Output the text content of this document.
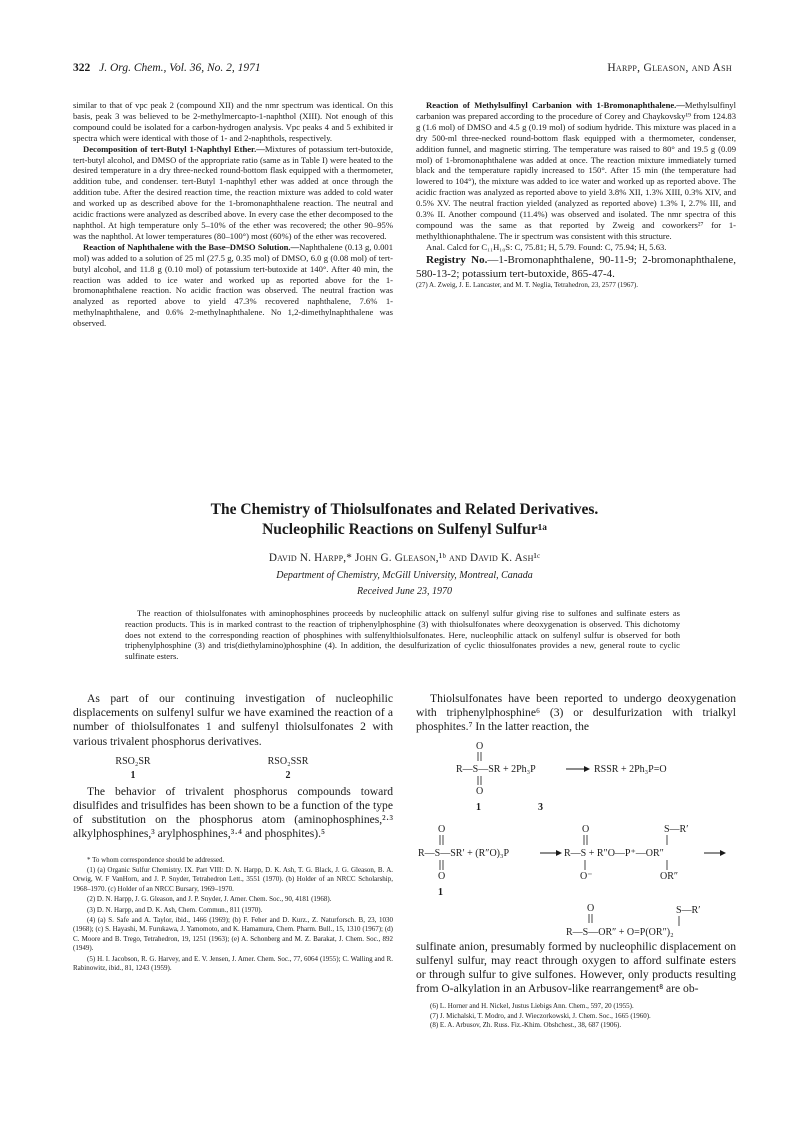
322 J. Org. Chem., Vol. 36, No. 2, 1971	Harpp, Gleason, and Ash

similar to that of vpc peak 2 (compound XII) and the nmr spectrum was identical. On this basis, peak 3 was believed to be 2-methylmercapto-1-naphthol (XIII). Not enough of this compound could be isolated for a carbon-hydrogen analysis. Vpc peaks 4 and 5 exhibited ir spectra which were identical with those of 1- and 2-naphthols, respectively.

Decomposition of tert-Butyl 1-Naphthyl Ether.—Mixtures of potassium tert-butoxide, tert-butyl alcohol, and DMSO of the appropriate ratio (same as in Table I) were heated to the desired temperature in a dry three-necked round-bottom flask equipped with a thermometer, addition tube, and condenser. tert-Butyl 1-naphthyl ether was added at once through the addition tube. After the desired reaction time, the reaction mixture was added to cold water and worked up as described above for the 1-bromonaphthalene reaction. The neutral and acidic fractions were analyzed as described above. In every case the ether decomposed to the naphthol. At high temperature only 5–10% of the ether was recovered; the other 90–95% was the naphthol. At lower temperatures (80–100°) most (60%) of the ether was recovered.

Reaction of Naphthalene with the Base–DMSO Solution.—Naphthalene (0.13 g, 0.001 mol) was added to a solution of 25 ml (27.5 g, 0.35 mol) of DMSO, 6.0 g (0.08 mol) of tert-butyl alcohol, and 11.8 g (0.10 mol) of potassium tert-butoxide at 140°. After 40 min, the reaction was added to ice water and worked up as reported above for the 1-bromonaphthalene reaction. No acidic fraction was observed. The neutral fraction was analyzed as reported above to yield 47.3% recovered naphthalene, 7.6% 1-methylnaphthalene, and 0.6% 2-methylnaphthalene. No 1,2-dimethylnaphthalene was observed.

Reaction of Methylsulfinyl Carbanion with 1-Bromonaphthalene.—Methylsulfinyl carbanion was prepared according to the procedure of Corey and Chaykovsky¹⁹ from 124.83 g (1.6 mol) of DMSO and 4.5 g (0.19 mol) of sodium hydride. This mixture was placed in a dry 500-ml three-necked round-bottom flask equipped with a thermometer, condenser, addition funnel, and magnetic stirring. The temperature was raised to 80° and 19.5 g (0.09 mol) of 1-bromonaphthalene was added at once. The reaction mixture immediately turned black and the temperature rapidly increased to 150°. After 15 min (the temperature had lowered to 104°), the mixture was added to ice water and worked up as reported above. The acidic fraction was analyzed as reported above to yield 3.8% XII, 1.3% XIII, 0.3% XIV, and 0.5% XV. The neutral fraction yielded (analyzed as reported above) 1.3% I, 2.7% III, and 0.3% II. Another compound (11.4%) was observed and isolated. The nmr spectra of this compound was the same as that reported by Zweig and coworkers²⁷ for 1-methylthionaphthalene. The ir spectrum was consistent with this structure.

Anal. Calcd for C₁₁H₁₀S: C, 75.81; H, 5.79. Found: C, 75.94; H, 5.63.

Registry No.—1-Bromonaphthalene, 90-11-9; 2-bromonaphthalene, 580-13-2; potassium tert-butoxide, 865-47-4.

(27) A. Zweig, J. E. Lancaster, and M. T. Neglia, Tetrahedron, 23, 2577 (1967).

The Chemistry of Thiolsulfonates and Related Derivatives.

Nucleophilic Reactions on Sulfenyl Sulfur¹ᵃ

David N. Harpp,* John G. Gleason,¹ᵇ and David K. Ash¹ᶜ
Department of Chemistry, McGill University, Montreal, Canada
Received June 23, 1970
The reaction of thiolsulfonates with aminophosphines proceeds by nucleophilic attack on sulfenyl sulfur giving rise to sulfones and sulfinate esters as reaction products. This is in marked contrast to the reaction of triphenylphosphine (3) with thiolsulfonates where deoxygenation is observed. This dichotomy does not extend to the corresponding reaction of phosphines with sulfenylthiolsulfonates. Here, nucleophilic attack on sulfenyl sulfur is observed for both triphenylphosphine (3) and tris(diethylamino)phosphine (4). In addition, the desulfurization of cyclic thiosulfonates provides a new, general route to cyclic sulfinate esters.

As part of our continuing investigation of nucleophilic displacements on sulfenyl sulfur we have examined the reaction of a number of thiolsulfonates 1 and sulfenyl thiolsulfonates 2 with various trivalent phosphorus derivatives.

RSO₂SR
1
RSO₂SSR
2

The behavior of trivalent phosphorus compounds toward disulfides and trisulfides has been shown to be a function of the type of substitution on the phosphorus atom (aminophosphines,²·³ alkylphosphines,³ arylphosphines,³·⁴ and phosphites).⁵

* To whom correspondence should be addressed.

(1) (a) Organic Sulfur Chemistry. IX. Part VIII: D. N. Harpp, D. K. Ash, T. G. Black, J. G. Gleason, B. A. Orwig, W. F VanHorn, and J. P. Snyder, Tetrahedron Lett., 3551 (1970). (b) Holder of an NRCC Scholarship, 1968–1970. (c) Holder of an NRCC Bursary, 1969–1970.

(2) D. N. Harpp, J. G. Gleason, and J. P. Snyder, J. Amer. Chem. Soc., 90, 4181 (1968).

(3) D. N. Harpp, and D. K. Ash, Chem. Commun., 811 (1970).

(4) (a) S. Safe and A. Taylor, ibid., 1466 (1969); (b) F. Feher and D. Kurz., Z. Naturforsch. B, 23, 1030 (1968); (c) S. Hayashi, M. Furukawa, J. Yamomoto, and K. Hamamura, Chem. Pharm. Bull., 15, 1310 (1967); (d) C. Moore and B. Trego, Tetrahedron, 19, 1251 (1963); (e) A. Schonberg and M. Z. Barakat, J. Chem. Soc., 892 (1949).

(5) H. I. Jacobson, R. G. Harvey, and E. V. Jensen, J. Amer. Chem. Soc., 77, 6064 (1955); C. Walling and R. Rabinowitz, ibid., 81, 1243 (1959).

Thiolsulfonates have been reported to undergo deoxygenation with triphenylphosphine⁶ (3) or desulfurization with trialkyl phosphites.⁷ In the latter reaction, the

O
R—S—SR + 2Ph₃P	RSSR + 2Ph₃P=O
O
1	3
O	O	S—R′
R—S—SR′ + (R″O)₃P	R—S + R″O—P⁺—OR″
O	O⁻	OR″
1
O	S—R′
R—S—OR″ + O=P(OR″)₂

sulfinate anion, presumably formed by nucleophilic displacement on sulfenyl sulfur, may react through oxygen to afford sulfinate esters or through sulfur to give sulfones. However, only products resulting from O-alkylation in an Arbusov-like rearrangement⁸ are ob-

(6) L. Horner and H. Nickel, Justus Liebigs Ann. Chem., 597, 20 (1955).

(7) J. Michalski, T. Modro, and J. Wieczorkowski, J. Chem. Soc., 1665 (1960).

(8) E. A. Arbusov, Zh. Russ. Fiz.-Khim. Obshchest., 38, 687 (1906).
